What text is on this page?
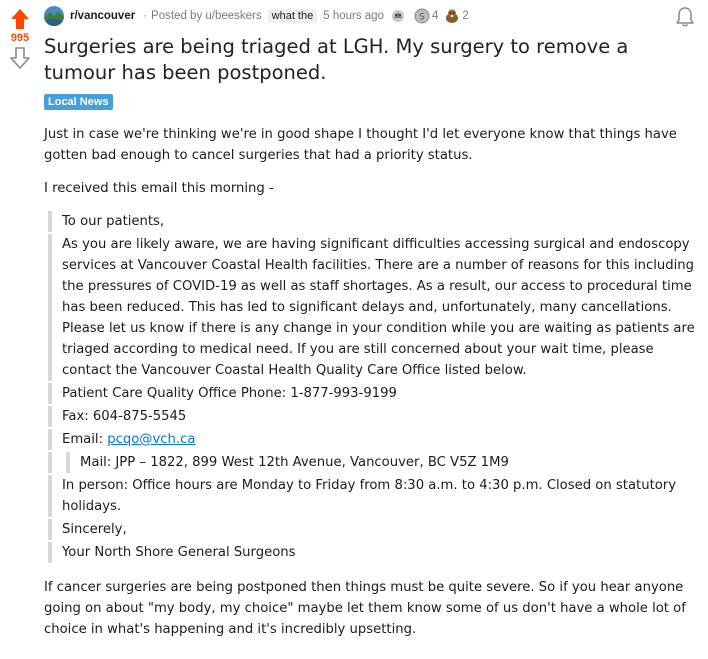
995
r/vancouver · Posted by u/beeskers what the 5 hours ago	S 4 2
Surgeries are being triaged at LGH. My surgery to remove a tumour has been postponed.
Local News

Just in case we're thinking we're in good shape I thought I'd let everyone know that things have gotten bad enough to cancel surgeries that had a priority status.

I received this email this morning -

To our patients,
As you are likely aware, we are having significant difficulties accessing surgical and endoscopy services at Vancouver Coastal Health facilities. There are a number of reasons for this including the pressures of COVID-19 as well as staff shortages. As a result, our access to procedural time has been reduced. This has led to significant delays and, unfortunately, many cancellations. Please let us know if there is any change in your condition while you are waiting as patients are triaged according to medical need. If you are still concerned about your wait time, please contact the Vancouver Coastal Health Quality Care Office listed below.
Patient Care Quality Office Phone: 1-877-993-9199
Fax: 604-875-5545
Email: pcqo@vch.ca
Mail: JPP – 1822, 899 West 12th Avenue, Vancouver, BC V5Z 1M9
In person: Office hours are Monday to Friday from 8:30 a.m. to 4:30 p.m. Closed on statutory holidays.
Sincerely,
Your North Shore General Surgeons

If cancer surgeries are being postponed then things must be quite severe. So if you hear anyone going on about "my body, my choice" maybe let them know some of us don't have a whole lot of choice in what's happening and it's incredibly upsetting.
